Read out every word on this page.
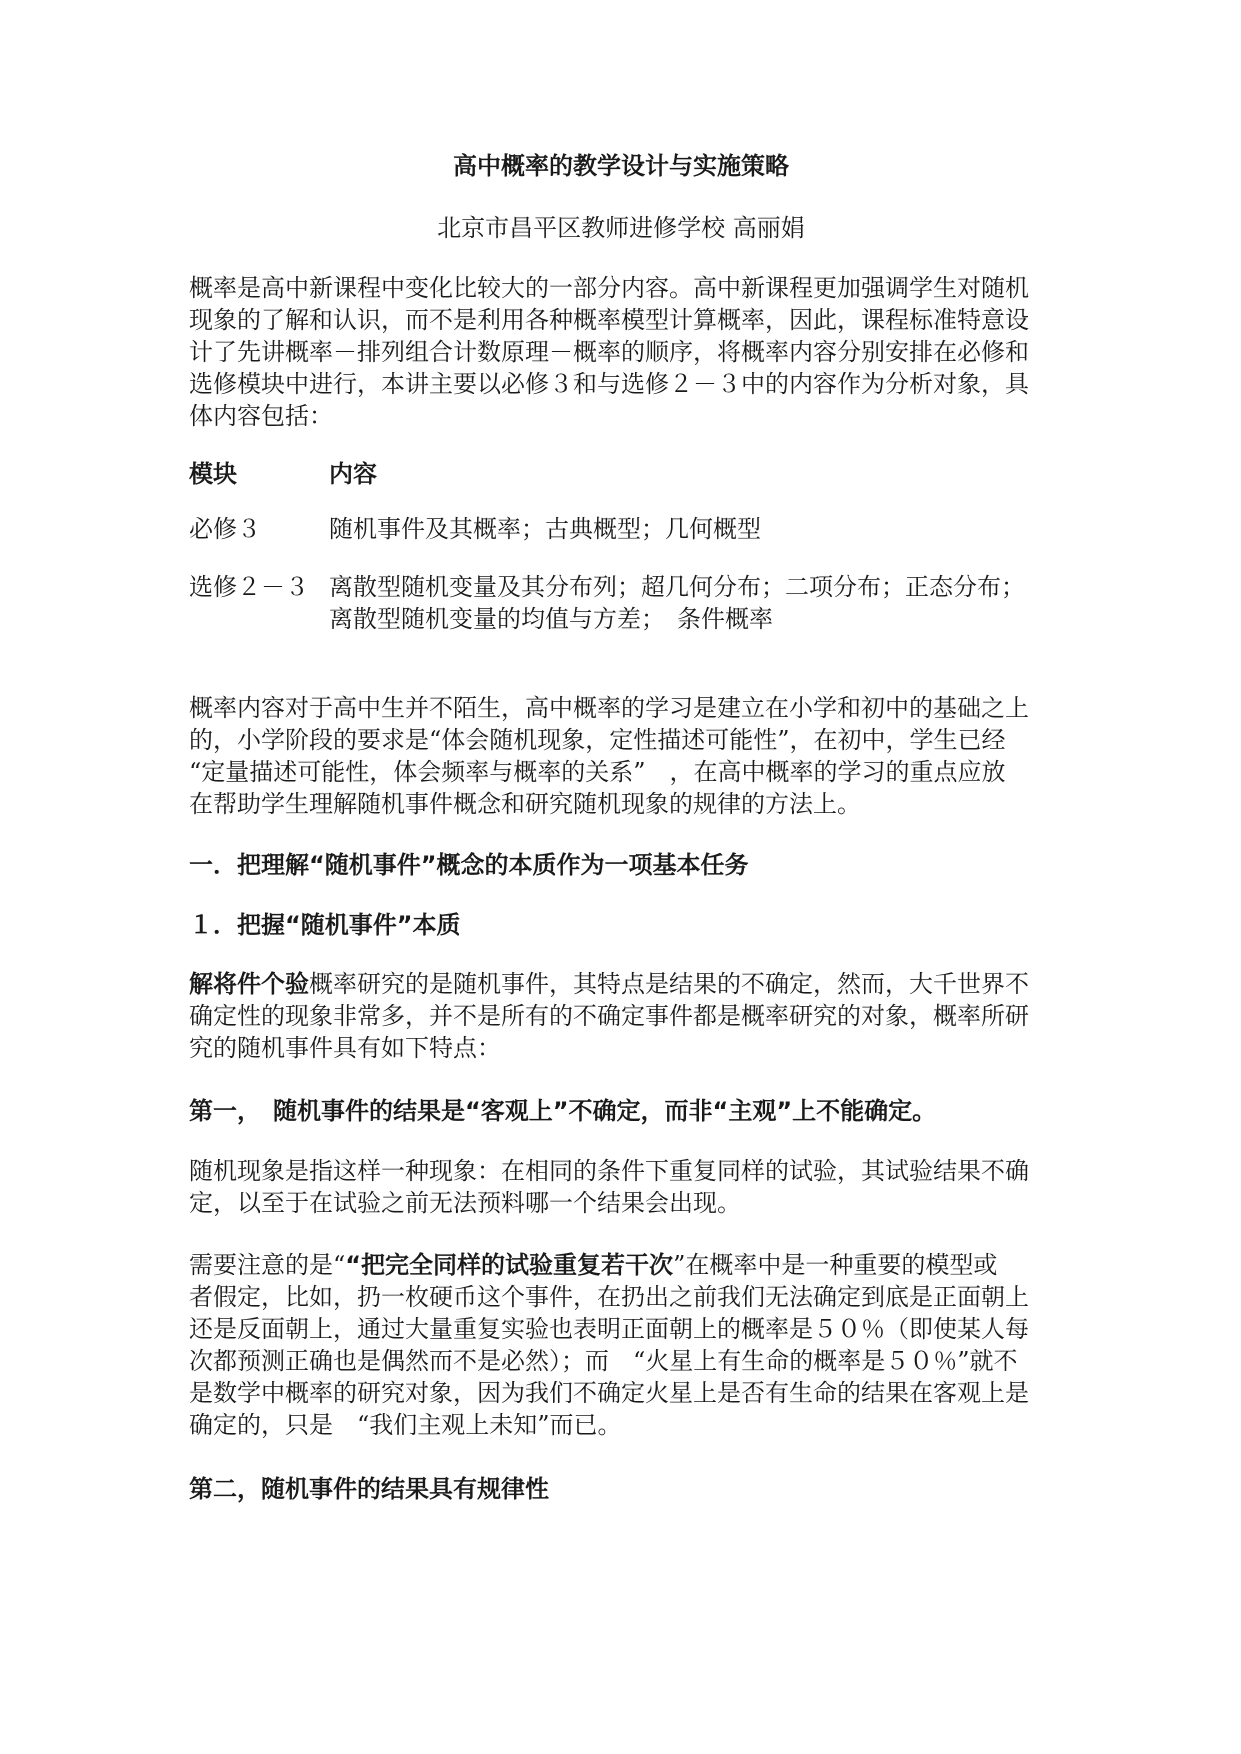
高中概率的教学设计与实施策略
北京市昌平区教师进修学校 高丽娟
概率是高中新课程中变化比较大的一部分内容。高中新课程更加强调学生对随机
现象的了解和认识，而不是利用各种概率模型计算概率，因此，课程标准特意设
计了先讲概率－排列组合计数原理－概率的顺序，将概率内容分别安排在必修和
选修模块中进行，本讲主要以必修３和与选修２－３中的内容作为分析对象，具
体内容包括：
模块	内容
必修３	随机事件及其概率；古典概型；几何概型
选修２－３ 离散型随机变量及其分布列；超几何分布；二项分布；正态分布；
离散型随机变量的均值与方差；　条件概率
概率内容对于高中生并不陌生，高中概率的学习是建立在小学和初中的基础之上
的，小学阶段的要求是“体会随机现象，定性描述可能性”，在初中，学生已经
“定量描述可能性，体会频率与概率的关系”　，在高中概率的学习的重点应放
在帮助学生理解随机事件概念和研究随机现象的规律的方法上。
一．把理解“随机事件”概念的本质作为一项基本任务
１．把握“随机事件”本质
解将件个验概率研究的是随机事件，其特点是结果的不确定，然而，大千世界不
确定性的现象非常多，并不是所有的不确定事件都是概率研究的对象，概率所研
究的随机事件具有如下特点：
第一，　随机事件的结果是“客观上”不确定，而非“主观”上不能确定。
随机现象是指这样一种现象：在相同的条件下重复同样的试验，其试验结果不确
定，以至于在试验之前无法预料哪一个结果会出现。
需要注意的是““把完全同样的试验重复若干次”在概率中是一种重要的模型或
者假定，比如，扔一枚硬币这个事件，在扔出之前我们无法确定到底是正面朝上
还是反面朝上，通过大量重复实验也表明正面朝上的概率是５０％（即使某人每
次都预测正确也是偶然而不是必然）；而　“火星上有生命的概率是５０％”就不
是数学中概率的研究对象，因为我们不确定火星上是否有生命的结果在客观上是
确定的，只是　“我们主观上未知”而已。
第二，随机事件的结果具有规律性
